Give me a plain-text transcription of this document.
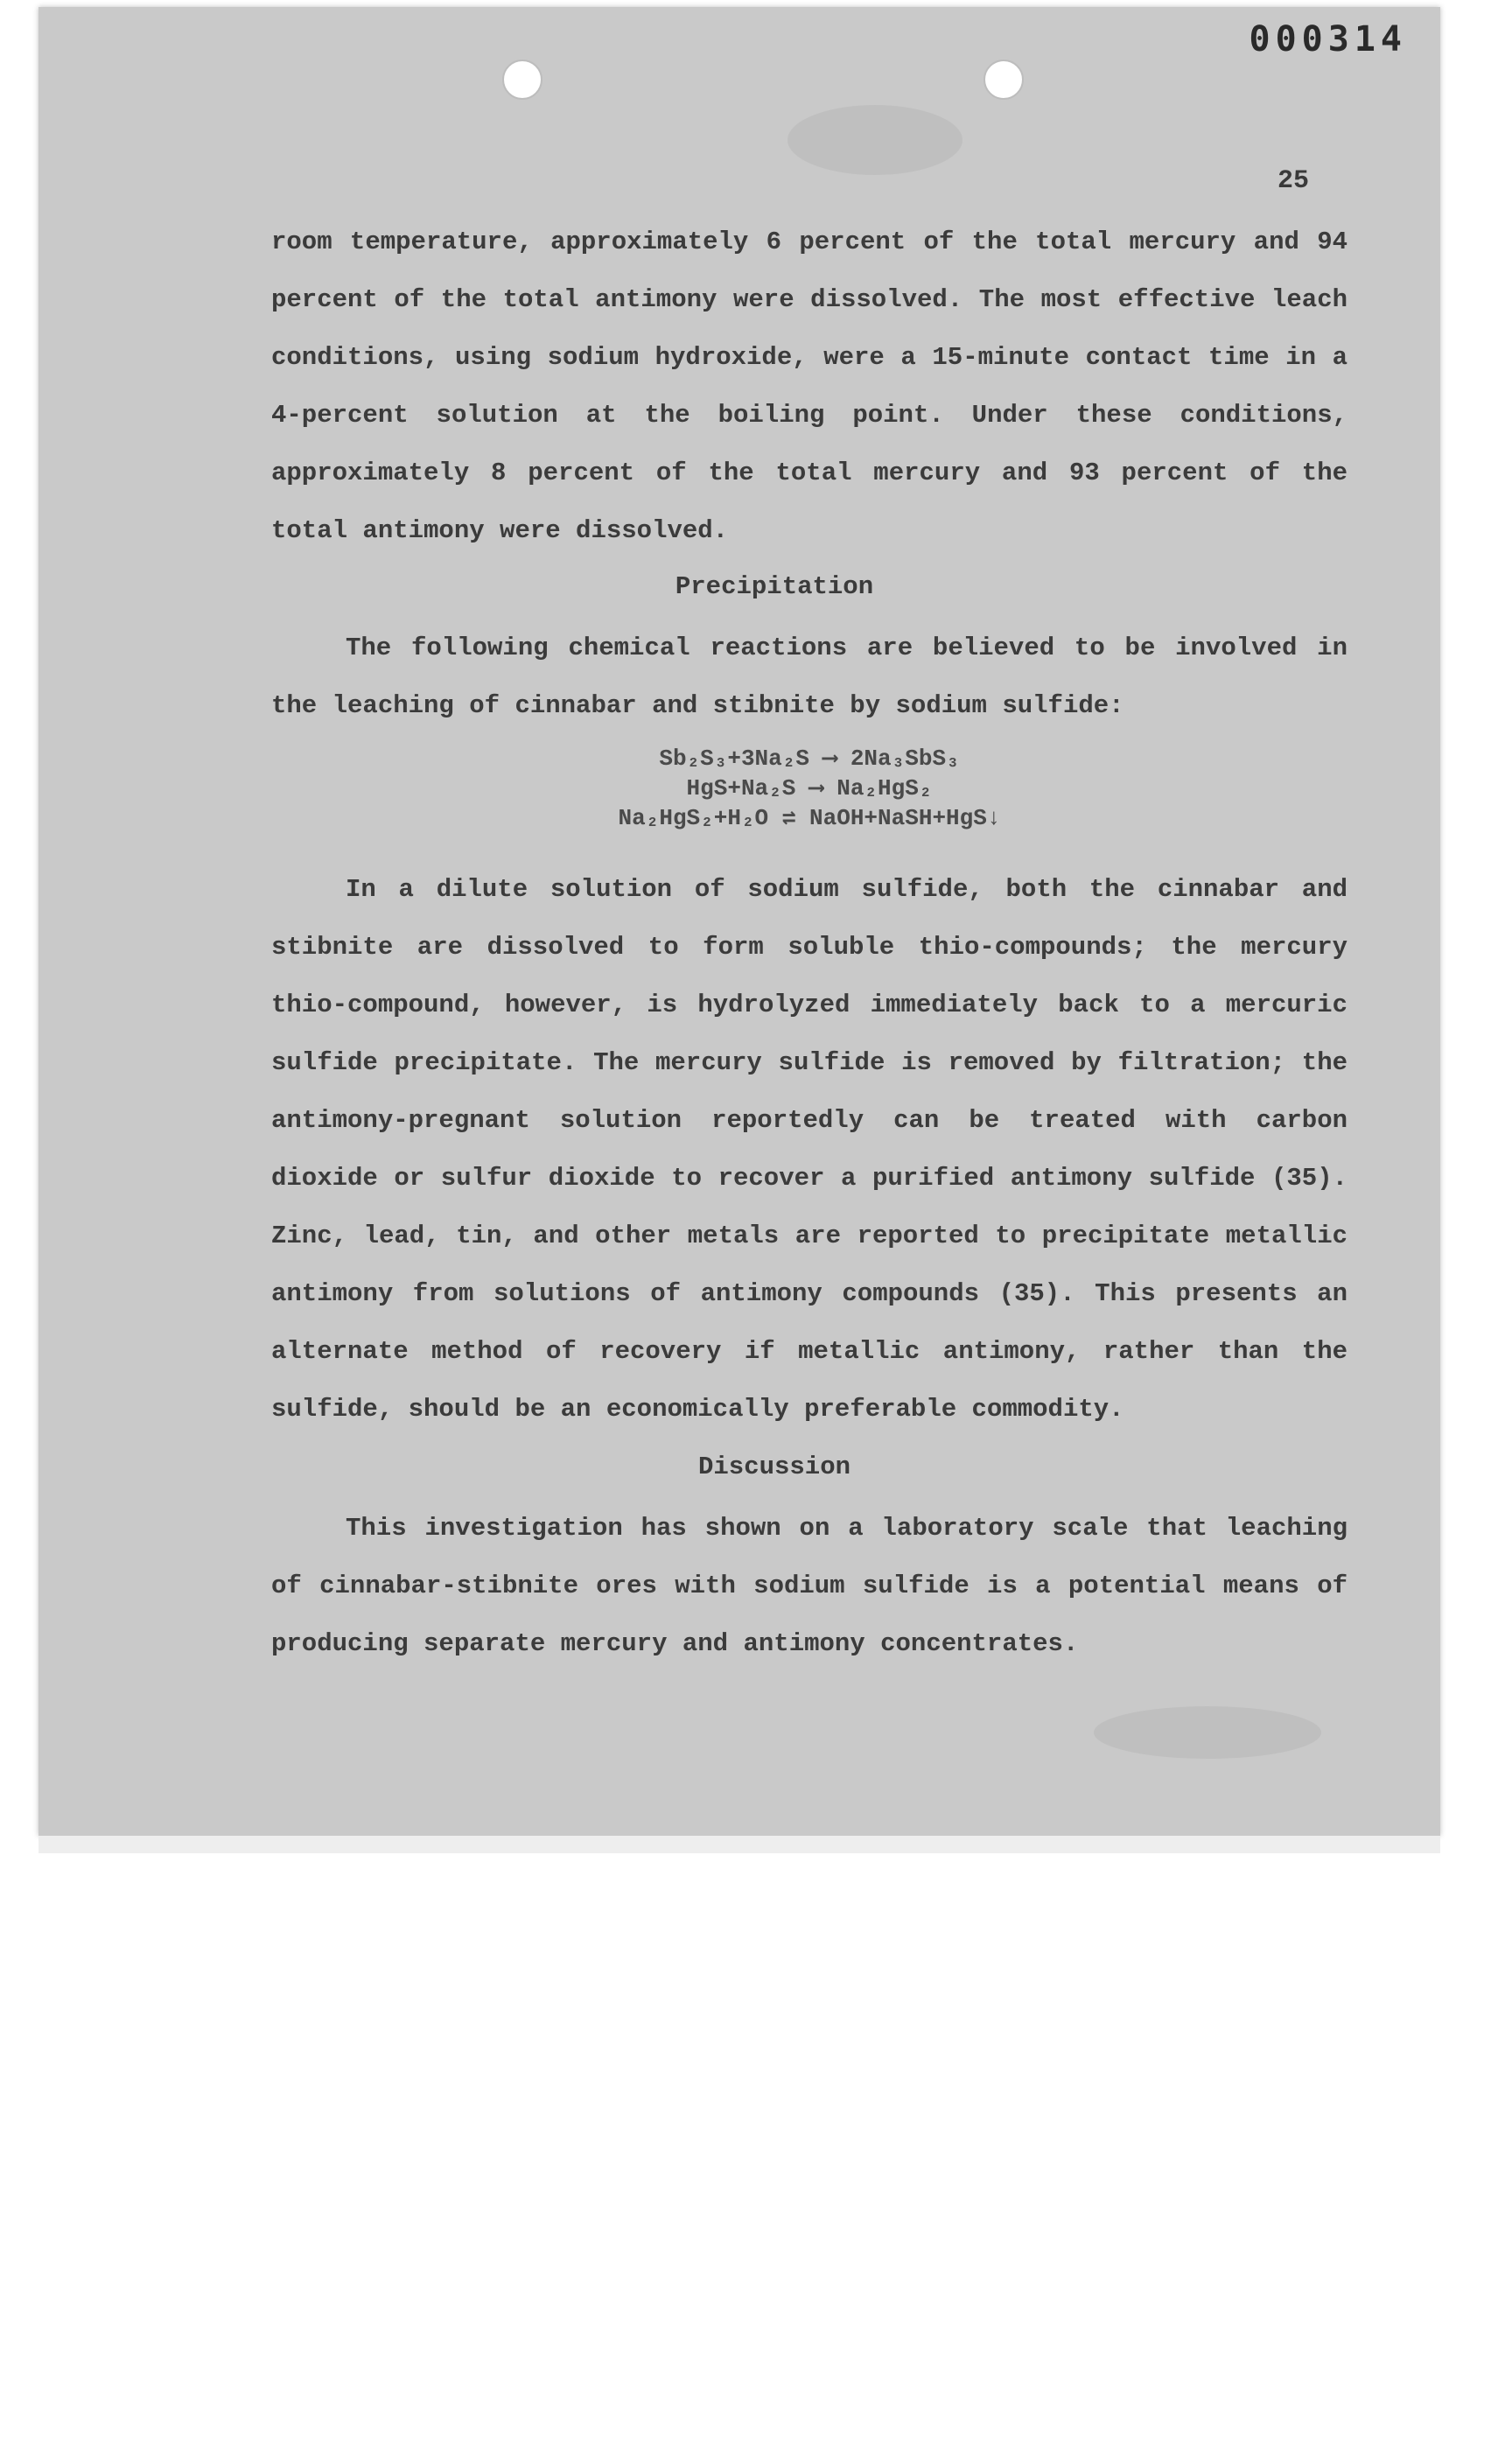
000314
25
room temperature, approximately 6 percent of the total mercury and 94 percent of the total antimony were dissolved. The most effective leach conditions, using sodium hydroxide, were a 15-minute contact time in a 4-percent solution at the boiling point. Under these conditions, approximately 8 percent of the total mercury and 93 percent of the total antimony were dissolved.
Precipitation
The following chemical reactions are believed to be involved in the leaching of cinnabar and stibnite by sodium sulfide:
Sb₂S₃+3Na₂S ⟶ 2Na₃SbS₃
HgS+Na₂S ⟶ Na₂HgS₂
Na₂HgS₂+H₂O ⇌ NaOH+NaSH+HgS↓
In a dilute solution of sodium sulfide, both the cinnabar and stibnite are dissolved to form soluble thio-compounds; the mercury thio-compound, however, is hydrolyzed immediately back to a mercuric sulfide precipitate. The mercury sulfide is removed by filtration; the antimony-pregnant solution reportedly can be treated with carbon dioxide or sulfur dioxide to recover a purified antimony sulfide (35). Zinc, lead, tin, and other metals are reported to precipitate metallic antimony from solutions of antimony compounds (35). This presents an alternate method of recovery if metallic antimony, rather than the sulfide, should be an economically preferable commodity.
Discussion
This investigation has shown on a laboratory scale that leaching of cinnabar-stibnite ores with sodium sulfide is a potential means of producing separate mercury and antimony concentrates.
